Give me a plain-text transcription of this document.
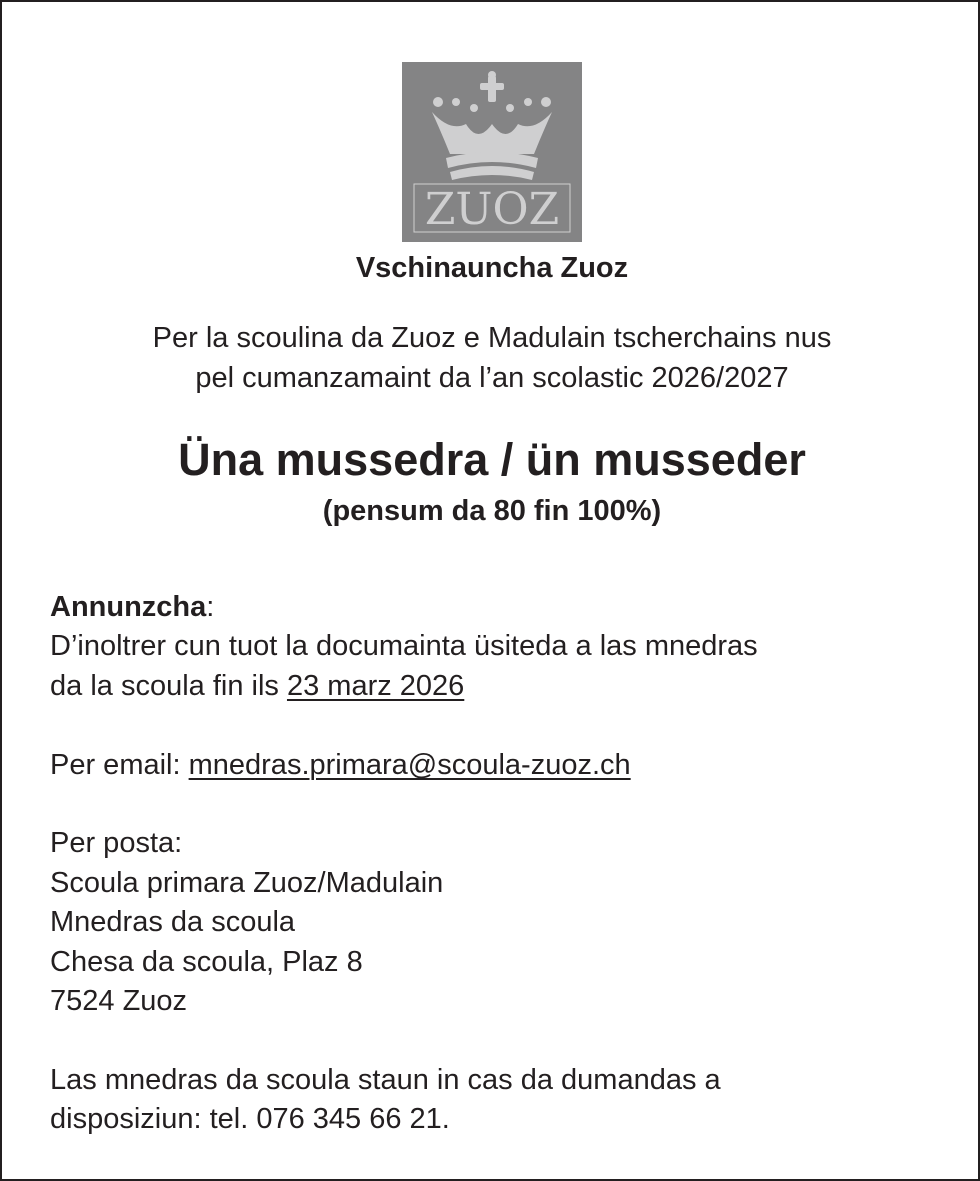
ZUOZ
Vschinauncha Zuoz
Per la scoulina da Zuoz e Madulain tscherchains nus
pel cumanzamaint da l’an scolastic 2026/2027
Üna mussedra / ün musseder
(pensum da 80 fin 100%)
Annunzcha:
D’inoltrer cun tuot la documainta üsiteda a las mnedras
da la scoula fin ils 23 marz 2026
Per email: mnedras.primara@scoula-zuoz.ch
Per posta:
Scoula primara Zuoz/Madulain
Mnedras da scoula
Chesa da scoula, Plaz 8
7524 Zuoz
Las mnedras da scoula staun in cas da dumandas a
disposiziun: tel. 076 345 66 21.
